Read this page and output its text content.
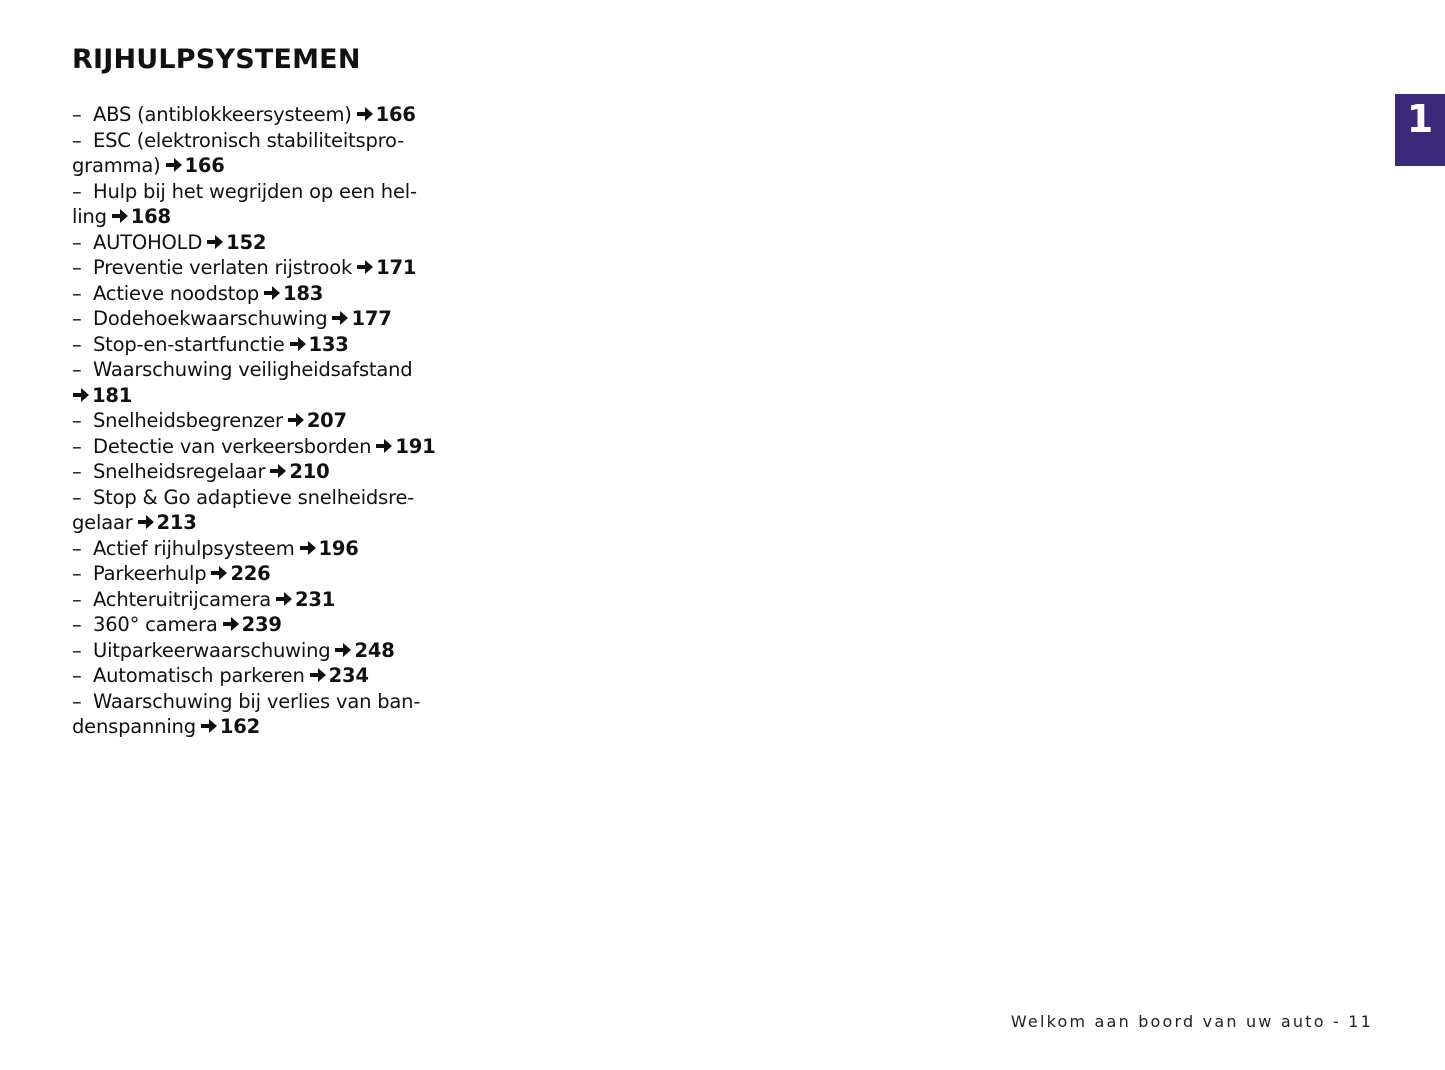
RIJHULPSYSTEMEN
– ABS (antiblokkeersysteem) 166
– ESC (elektronisch stabiliteitspro-
gramma) 166
– Hulp bij het wegrijden op een hel-
ling 168
– AUTOHOLD 152
– Preventie verlaten rijstrook 171
– Actieve noodstop 183
– Dodehoekwaarschuwing 177
– Stop-en-startfunctie 133
– Waarschuwing veiligheidsafstand
181
– Snelheidsbegrenzer 207
– Detectie van verkeersborden 191
– Snelheidsregelaar 210
– Stop & Go adaptieve snelheidsre-
gelaar 213
– Actief rijhulpsysteem 196
– Parkeerhulp 226
– Achteruitrijcamera 231
– 360° camera 239
– Uitparkeerwaarschuwing 248
– Automatisch parkeren 234
– Waarschuwing bij verlies van ban-
denspanning 162
1
Welkom aan boord van uw auto - 11
